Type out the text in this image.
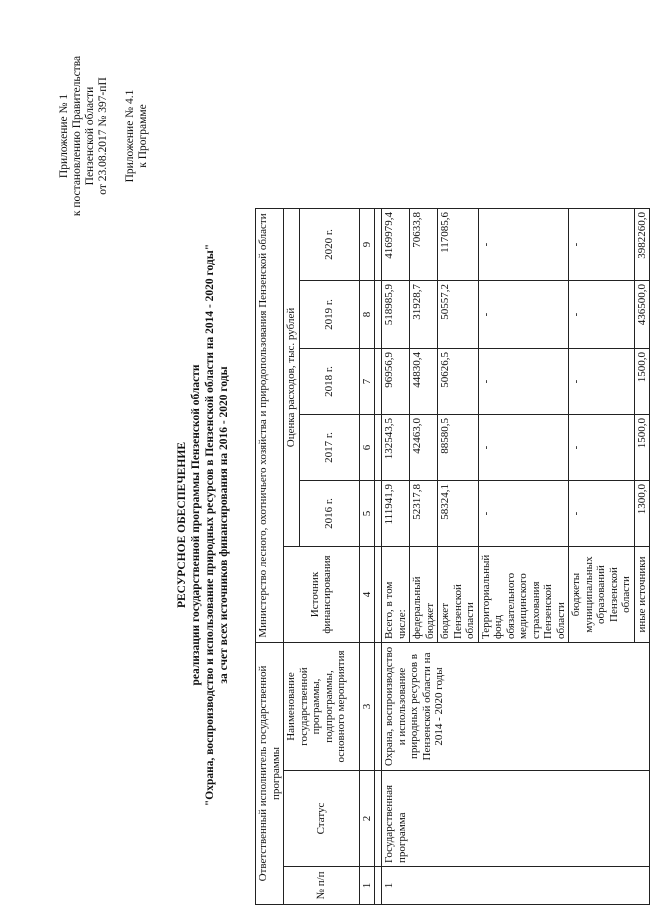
Приложение № 1 к постановлению Правительства Пензенской области от 23.08.2017 № 397-пП Приложение № 4.1 к Программе
РЕСУРСНОЕ ОБЕСПЕЧЕНИЕ реализации государственной программы Пензенской области "Охрана, воспроизводство и использование природных ресурсов в Пензенской области на 2014 - 2020 годы" за счет всех источников финансирования на 2016 - 2020 годы
Ответственный исполнитель государственной программы			Министерство лесного, охотничьего хозяйства и природопользования Пензенской области					
№ п/п	Статус	Наименование государственной программы, подпрограммы, основного мероприятия	Источник финансирования	Оценка расходов, тыс. рублей				
				2016 г.	2017 г.	2018 г.	2019 г.	2020 г.
1	2	3	4	5	6	7	8	9

1	Государственная программа	Охрана, воспроизводство и использование природных ресурсов в Пензенской области на 2014 - 2020 годы	Всего, в том числе:	111941,9	132543,5	96956,9	518985,9	4169979,4
			федеральный бюджет	52317,8	42463,0	44830,4	31928,7	70633,8
			бюджет Пензенской области	58324,1	88580,5	50626,5	50557,2	117085,6
			Территориальный фонд обязательного медицинского страхования Пензенской области	-	-	-	-	-
			бюджеты муниципальных образований Пензенской области	-	-	-	-	-
			иные источники	1300,0	1500,0	1500,0	436500,0	3982260,0
